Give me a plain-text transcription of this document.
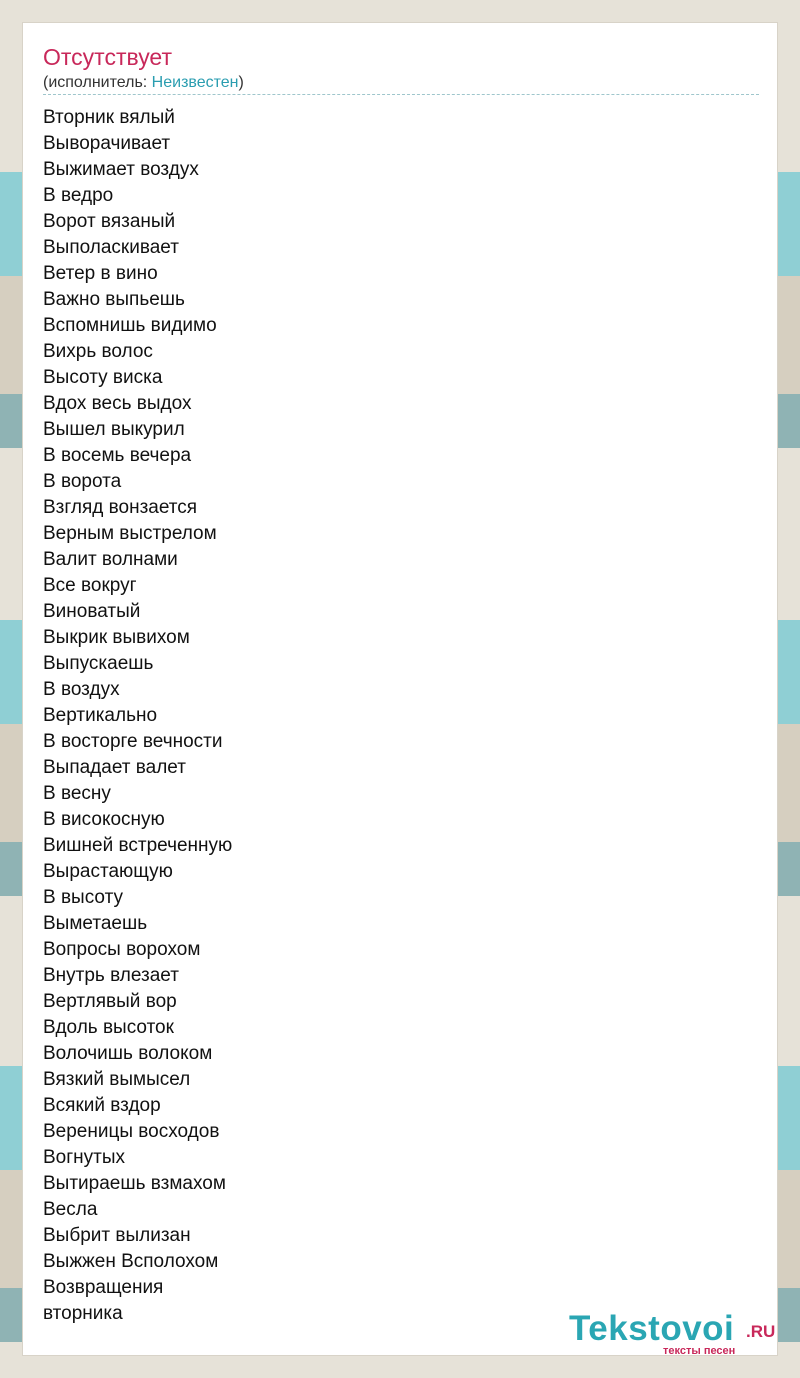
Отсутствует
(исполнитель: Неизвестен)
Вторник вялый
Выворачивает
Выжимает воздух
В ведро
Ворот вязаный
Выполаскивает
Ветер в вино
Важно выпьешь
Вспомнишь видимо
Вихрь волос
Высоту виска
Вдох весь выдох
Вышел выкурил
В восемь вечера
В ворота
Взгляд вонзается
Верным выстрелом
Валит волнами
Все вокруг
Виноватый
Выкрик вывихом
Выпускаешь
В воздух
Вертикально
В восторге вечности
Выпадает валет
В весну
В високосную
Вишней встреченную
Вырастающую
В высоту
Выметаешь
Вопросы ворохом
Внутрь влезает
Вертлявый вор
Вдоль высоток
Волочишь волоком
Вязкий вымысел
Всякий вздор
Вереницы восходов
Вогнутых
Вытираешь взмахом
Весла
Выбрит вылизан
Выжжен Всполохом
Возвращения
вторника	Tekstovoi .RU
тексты песен
